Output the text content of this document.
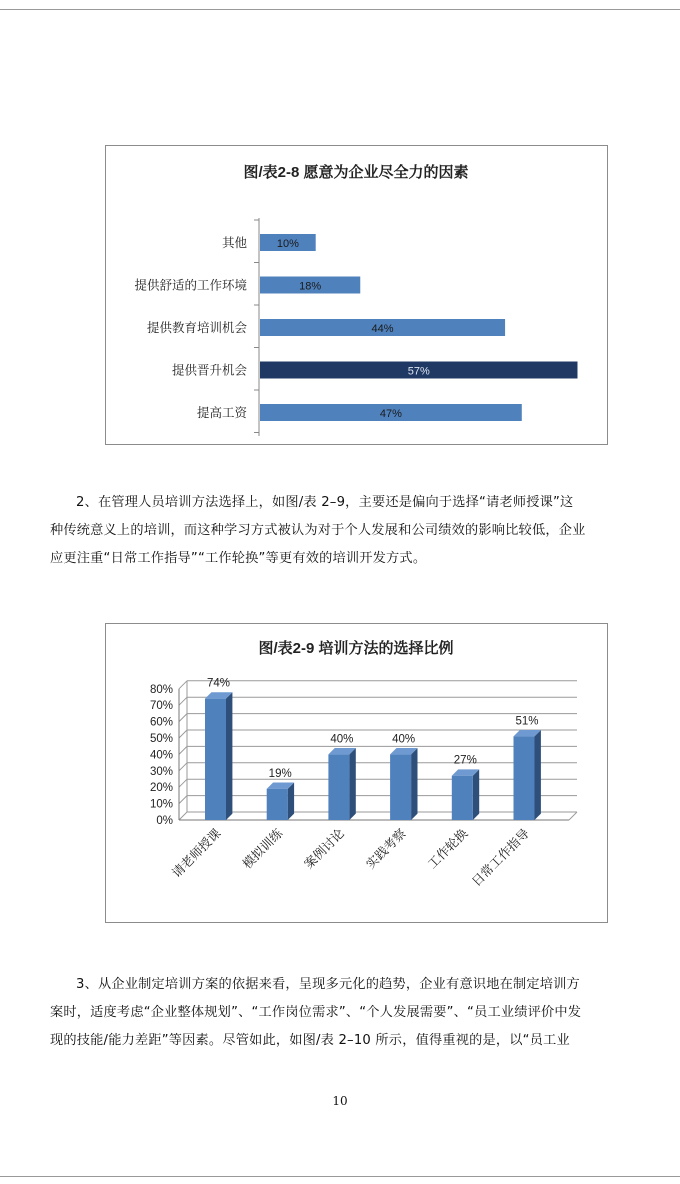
图/表2-8 愿意为企业尽全力的因素
其他	10%
提供舒适的工作环境	18%
提供教育培训机会	44%
提供晋升机会	57%
提高工资	47%
2、在管理人员培训方法选择上，如图/表 2–9，主要还是偏向于选择“请老师授课”这
种传统意义上的培训，而这种学习方式被认为对于个人发展和公司绩效的影响比较低，企业
应更注重“日常工作指导”“工作轮换”等更有效的培训开发方式。
图/表2-9 培训方法的选择比例
0%
10%
20%
30%
40%
50%
60%
70%
80%
74%
请老师授课
19%
模拟训练
40%
案例讨论
40%
实践考察
27%
工作轮换
51%
日常工作指导
3、从企业制定培训方案的依据来看，呈现多元化的趋势，企业有意识地在制定培训方
案时，适度考虑“企业整体规划”、“工作岗位需求”、“个人发展需要”、“员工业绩评价中发
现的技能/能力差距”等因素。尽管如此，如图/表 2–10 所示，值得重视的是，以“员工业
10
